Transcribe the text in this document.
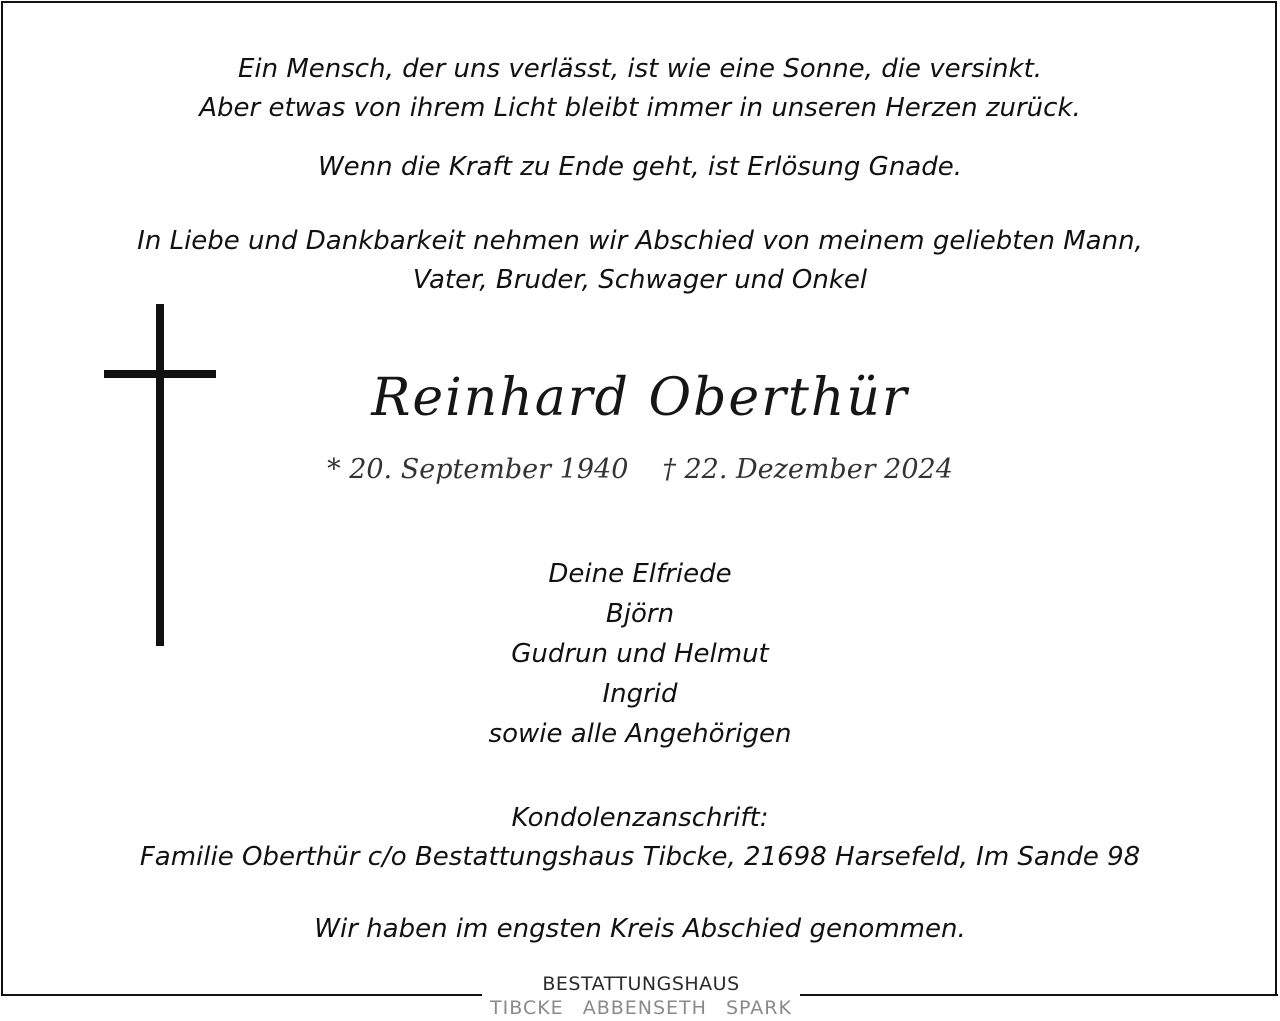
Ein Mensch, der uns verlässt, ist wie eine Sonne, die versinkt.
Aber etwas von ihrem Licht bleibt immer in unseren Herzen zurück.
Wenn die Kraft zu Ende geht, ist Erlösung Gnade.
In Liebe und Dankbarkeit nehmen wir Abschied von meinem geliebten Mann,
Vater, Bruder, Schwager und Onkel
Reinhard Oberthür
* 20. September 1940 † 22. Dezember 2024
Deine Elfriede
Björn
Gudrun und Helmut
Ingrid
sowie alle Angehörigen
Kondolenzanschrift:
Familie Oberthür c/o Bestattungshaus Tibcke, 21698 Harsefeld, Im Sande 98
Wir haben im engsten Kreis Abschied genommen.
BESTATTUNGSHAUS
TIBCKE ABBENSETH SPARK
